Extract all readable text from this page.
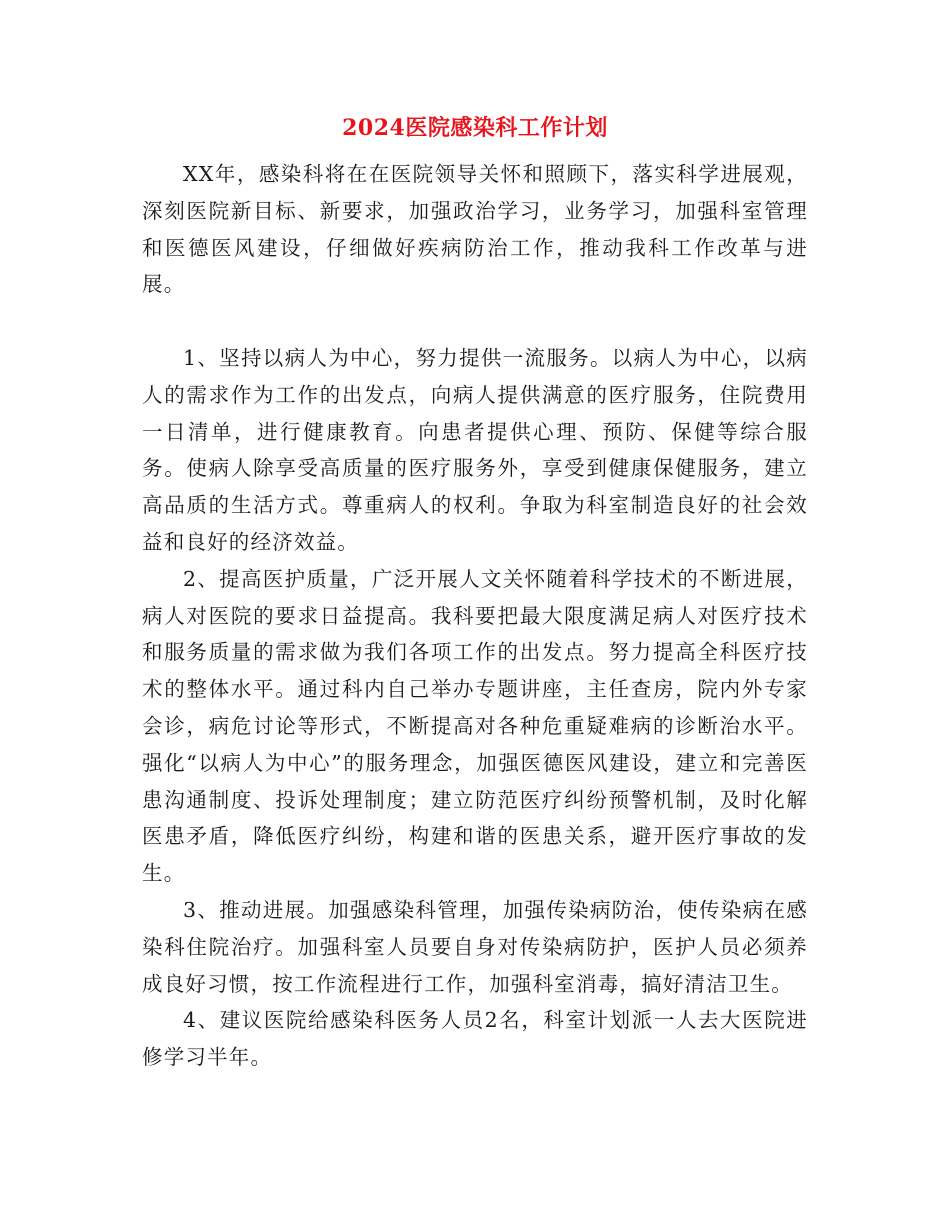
2024医院感染科工作计划

XX年，感染科将在在医院领导关怀和照顾下，落实科学进展观，深刻医院新目标、新要求，加强政治学习，业务学习，加强科室管理和医德医风建设，仔细做好疾病防治工作，推动我科工作改革与进展。

1、坚持以病人为中心，努力提供一流服务。以病人为中心，以病人的需求作为工作的出发点，向病人提供满意的医疗服务，住院费用一日清单，进行健康教育。向患者提供心理、预防、保健等综合服务。使病人除享受高质量的医疗服务外，享受到健康保健服务，建立高品质的生活方式。尊重病人的权利。争取为科室制造良好的社会效益和良好的经济效益。

2、提高医护质量，广泛开展人文关怀随着科学技术的不断进展，病人对医院的要求日益提高。我科要把最大限度满足病人对医疗技术和服务质量的需求做为我们各项工作的出发点。努力提高全科医疗技术的整体水平。通过科内自己举办专题讲座，主任查房，院内外专家会诊，病危讨论等形式，不断提高对各种危重疑难病的诊断治水平。强化“以病人为中心”的服务理念，加强医德医风建设，建立和完善医患沟通制度、投诉处理制度；建立防范医疗纠纷预警机制，及时化解医患矛盾，降低医疗纠纷，构建和谐的医患关系，避开医疗事故的发生。

3、推动进展。加强感染科管理，加强传染病防治，使传染病在感染科住院治疗。加强科室人员要自身对传染病防护，医护人员必须养成良好习惯，按工作流程进行工作，加强科室消毒，搞好清洁卫生。

4、建议医院给感染科医务人员2名，科室计划派一人去大医院进修学习半年。
